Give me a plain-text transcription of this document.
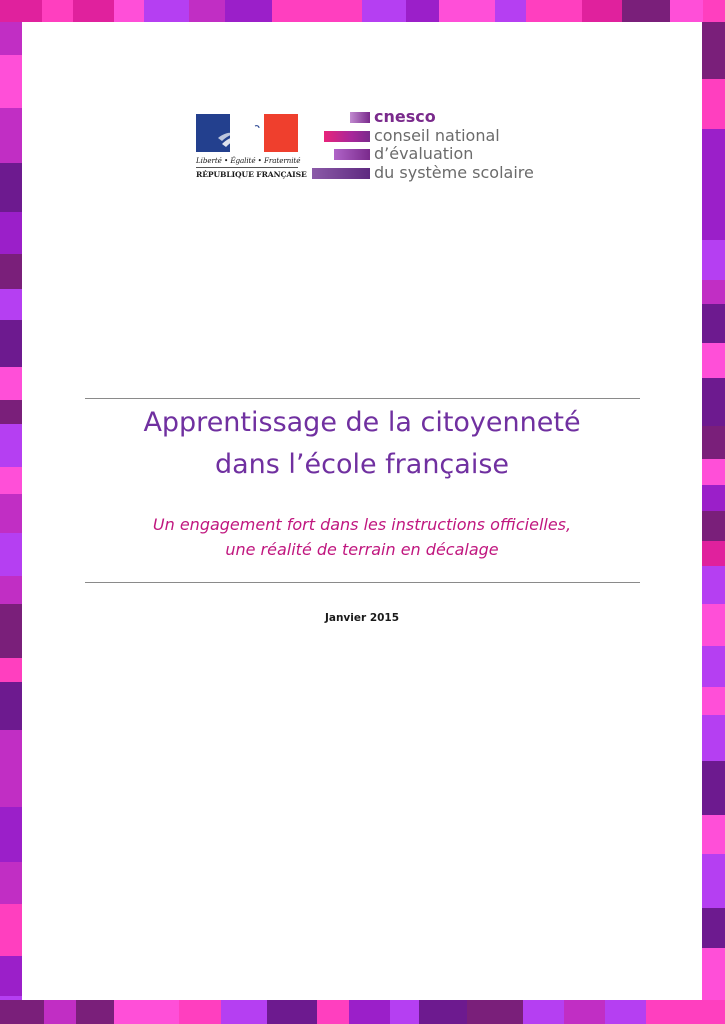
Liberté • Égalité • Fraternité
RÉPUBLIQUE FRANÇAISE
cnesco
conseil national
d’évaluation
du système scolaire
Apprentissage de la citoyenneté
dans l’école française
Un engagement fort dans les instructions officielles,
une réalité de terrain en décalage
Janvier 2015
